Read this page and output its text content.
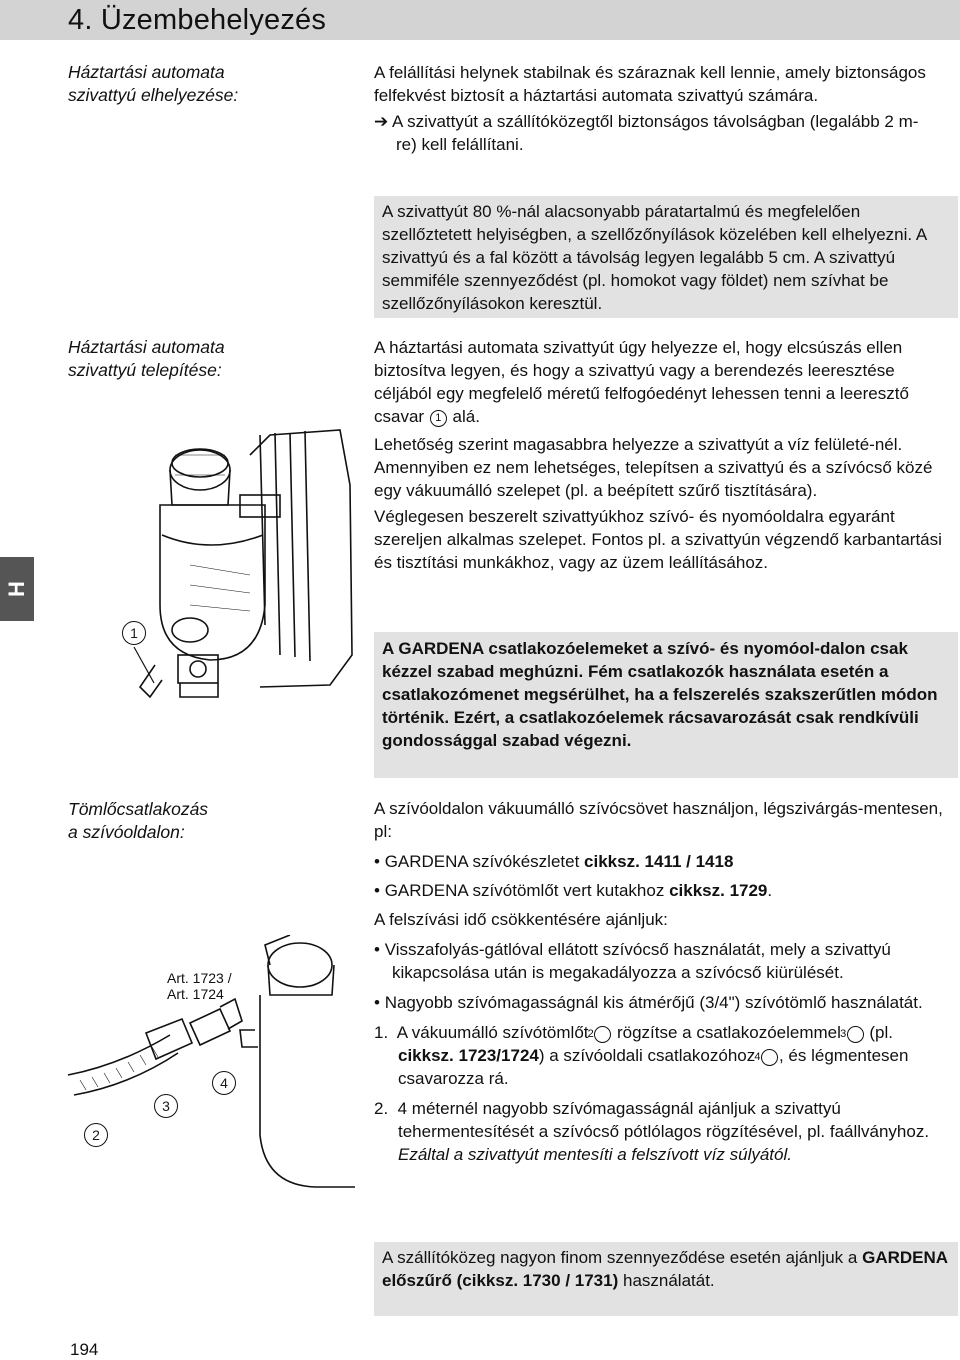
4. Üzembehelyezés
Háztartási automata
szivattyú elhelyezése:

A felállítási helynek stabilnak és száraznak kell lennie, amely biztonságos felfekvést biztosít a háztartási automata szivattyú számára.

➔ A szivattyút a szállítóközegtől biztonságos távolságban (legalább 2 m-re) kell felállítani.

A szivattyút 80 %-nál alacsonyabb páratartalmú és megfelelően szellőztetett helyiségben, a szellőzőnyílások közelében kell elhelyezni. A szivattyú és a fal között a távolság legyen legalább 5 cm. A szivattyú semmiféle szennyeződést (pl. homokot vagy földet) nem szívhat be szellőzőnyílásokon keresztül.

Háztartási automata
szivattyú telepítése:

A háztartási automata szivattyút úgy helyezze el, hogy elcsúszás ellen biztosítva legyen, és hogy a szivattyú vagy a berendezés leeresztése céljából egy megfelelő méretű felfogóedényt lehessen tenni a leeresztő csavar 1 alá.

Lehetőség szerint magasabbra helyezze a szivattyút a víz felületé-nél. Amennyiben ez nem lehetséges, telepítsen a szivattyú és a szívócső közé egy vákuumálló szelepet (pl. a beépített szűrő tisztítására).

Véglegesen beszerelt szivattyúkhoz szívó- és nyomóoldalra egyaránt szereljen alkalmas szelepet. Fontos pl. a szivattyún végzendő karbantartási és tisztítási munkákhoz, vagy az üzem leállításához.

A GARDENA csatlakozóelemeket a szívó- és nyomóol-dalon csak kézzel szabad meghúzni. Fém csatlakozók használata esetén a csatlakozómenet megsérülhet, ha a felszerelés szakszerűtlen módon történik. Ezért, a csatlakozóelemek rácsavarozását csak rendkívüli gondossággal szabad végezni.

1
H
Tömlőcsatlakozás
a szívóoldalon:

A szívóoldalon vákuumálló szívócsövet használjon, légszivárgás-mentesen, pl:

• GARDENA szívókészletet cikksz. 1411 / 1418

• GARDENA szívótömlőt vert kutakhoz cikksz. 1729.

A felszívási idő csökkentésére ajánljuk:

• Visszafolyás-gátlóval ellátott szívócső használatát, mely a szivattyú kikapcsolása után is megakadályozza a szívócső kiürülését.

• Nagyobb szívómagasságnál kis átmérőjű (3/4") szívótömlő használatát.

1.  A vákuumálló szívótömlőt 2 rögzítse a csatlakozóelemmel 3 (pl. cikksz. 1723/1724) a szívóoldali csatlakozóhoz 4 , és légmentesen csavarozza rá.

2.  4 méternél nagyobb szívómagasságnál ajánljuk a szivattyú tehermentesítését a szívócső pótlólagos rögzítésével, pl. faállványhoz.
Ezáltal a szivattyút mentesíti a felszívott víz súlyától.

A szállítóközeg nagyon finom szennyeződése esetén ajánljuk a GARDENA előszűrő (cikksz. 1730 / 1731) használatát.

Art. 1723 /
Art. 1724
2
3
4
194
